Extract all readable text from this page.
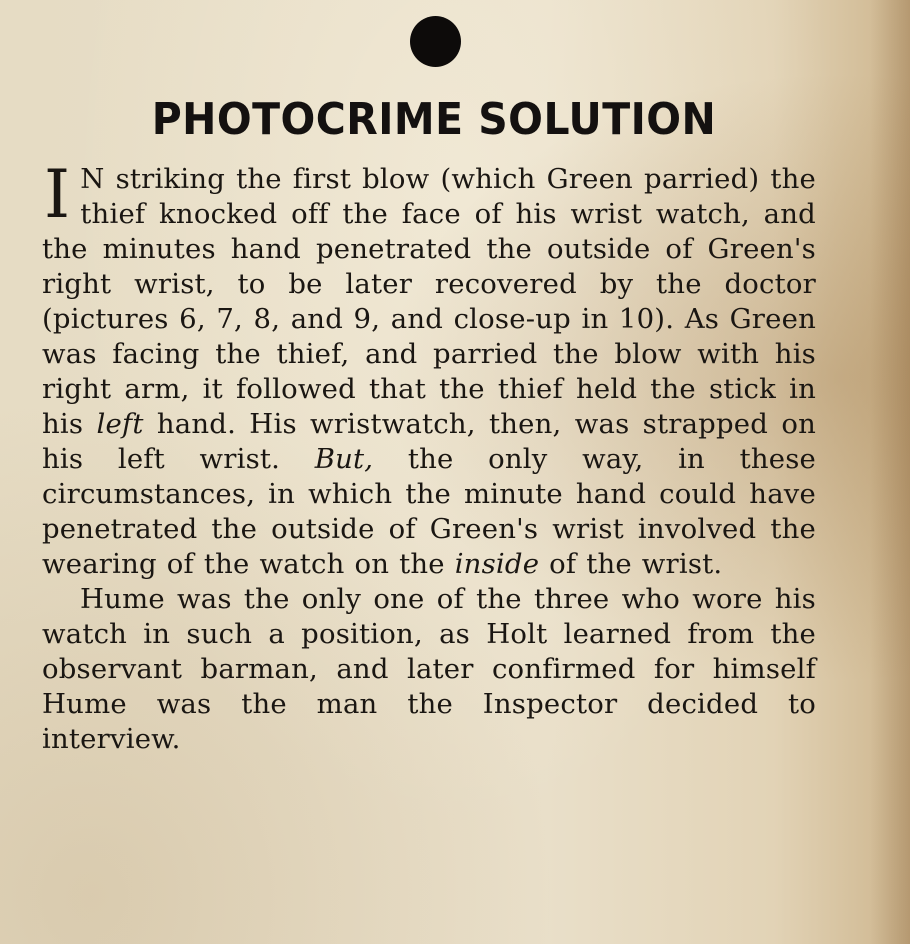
PHOTOCRIME SOLUTION

I N striking the first blow (which Green parried) the thief knocked off the face of his wrist watch, and the minutes hand penetrated the outside of Green's right wrist, to be later recovered by the doctor (pictures 6, 7, 8, and 9, and close-up in 10). As Green was facing the thief, and parried the blow with his right arm, it followed that the thief held the stick in his left hand. His wristwatch, then, was strapped on his left wrist. But, the only way, in these circumstances, in which the minute hand could have penetrated the outside of Green's wrist involved the wearing of the watch on the inside of the wrist.

Hume was the only one of the three who wore his watch in such a position, as Holt learned from the observant barman, and later confirmed for himself Hume was the man the Inspector decided to interview.
